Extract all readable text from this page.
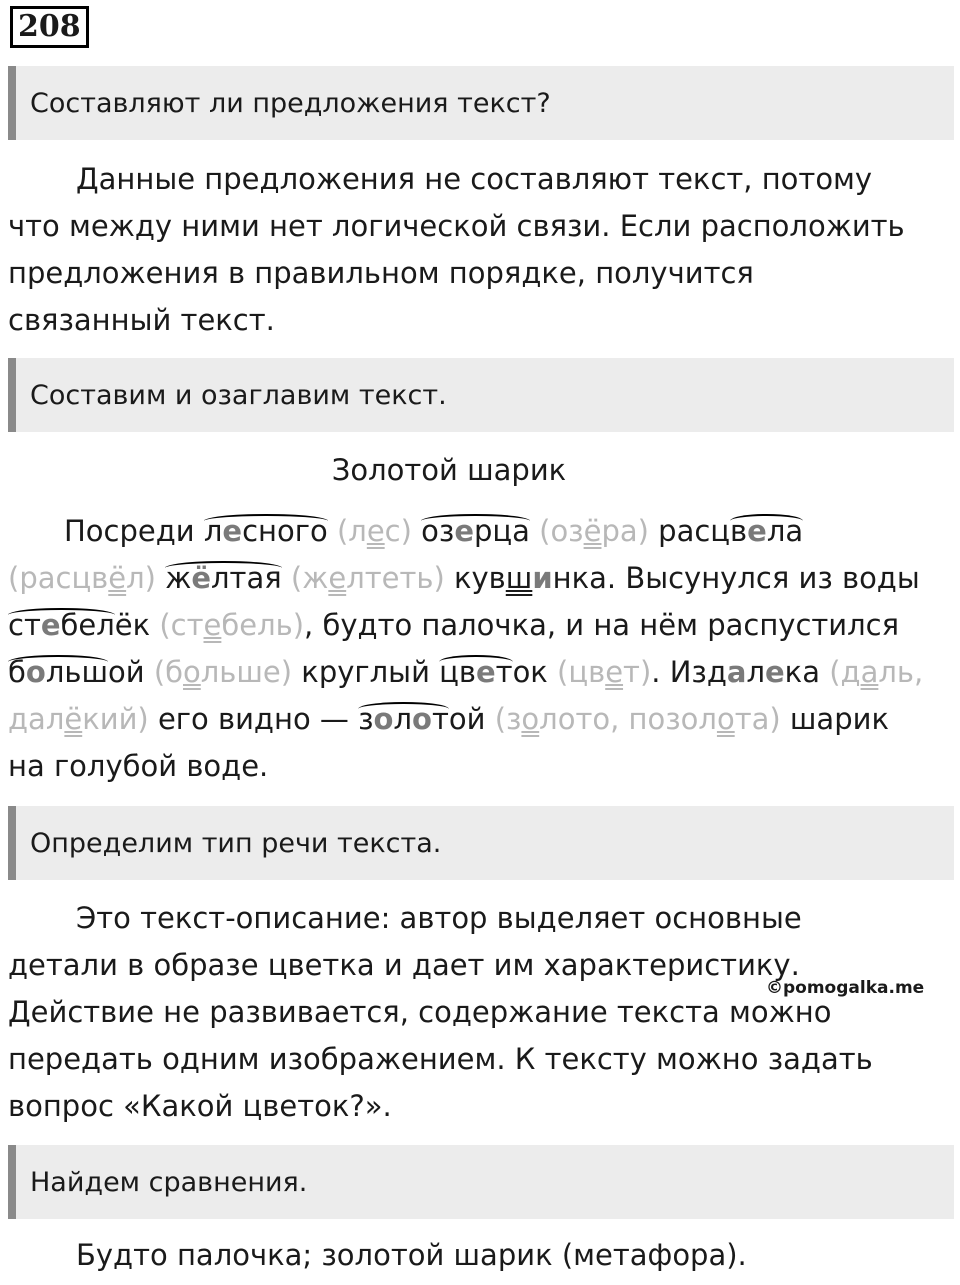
208
Составляют ли предложения текст?
Данные предложения не составляют текст, потому что между ними нет логической связи. Если расположить предложения в правильном порядке, получится связанный текст.
Составим и озаглавим текст.
Золотой шарик
Посреди лесного (лес) озерца (озёра) расцвела
(расцвёл) жёлтая (желтеть) кувшинка. Высунулся из воды
стебелёк (стебель), будто палочка, и на нём распустился
большой (больше) круглый цветок (цвет). Издалека (даль,
далёкий) его видно — золотой (золото, позолота) шарик
на голубой воде.
Определим тип речи текста.
Это текст-описание: автор выделяет основные детали в образе цветка и дает им характеристику. Действие не развивается, содержание текста можно передать одним изображением. К тексту можно задать вопрос «Какой цветок?».
©pomogalka.me
Найдем сравнения.
Будто палочка; золотой шарик (метафора).
